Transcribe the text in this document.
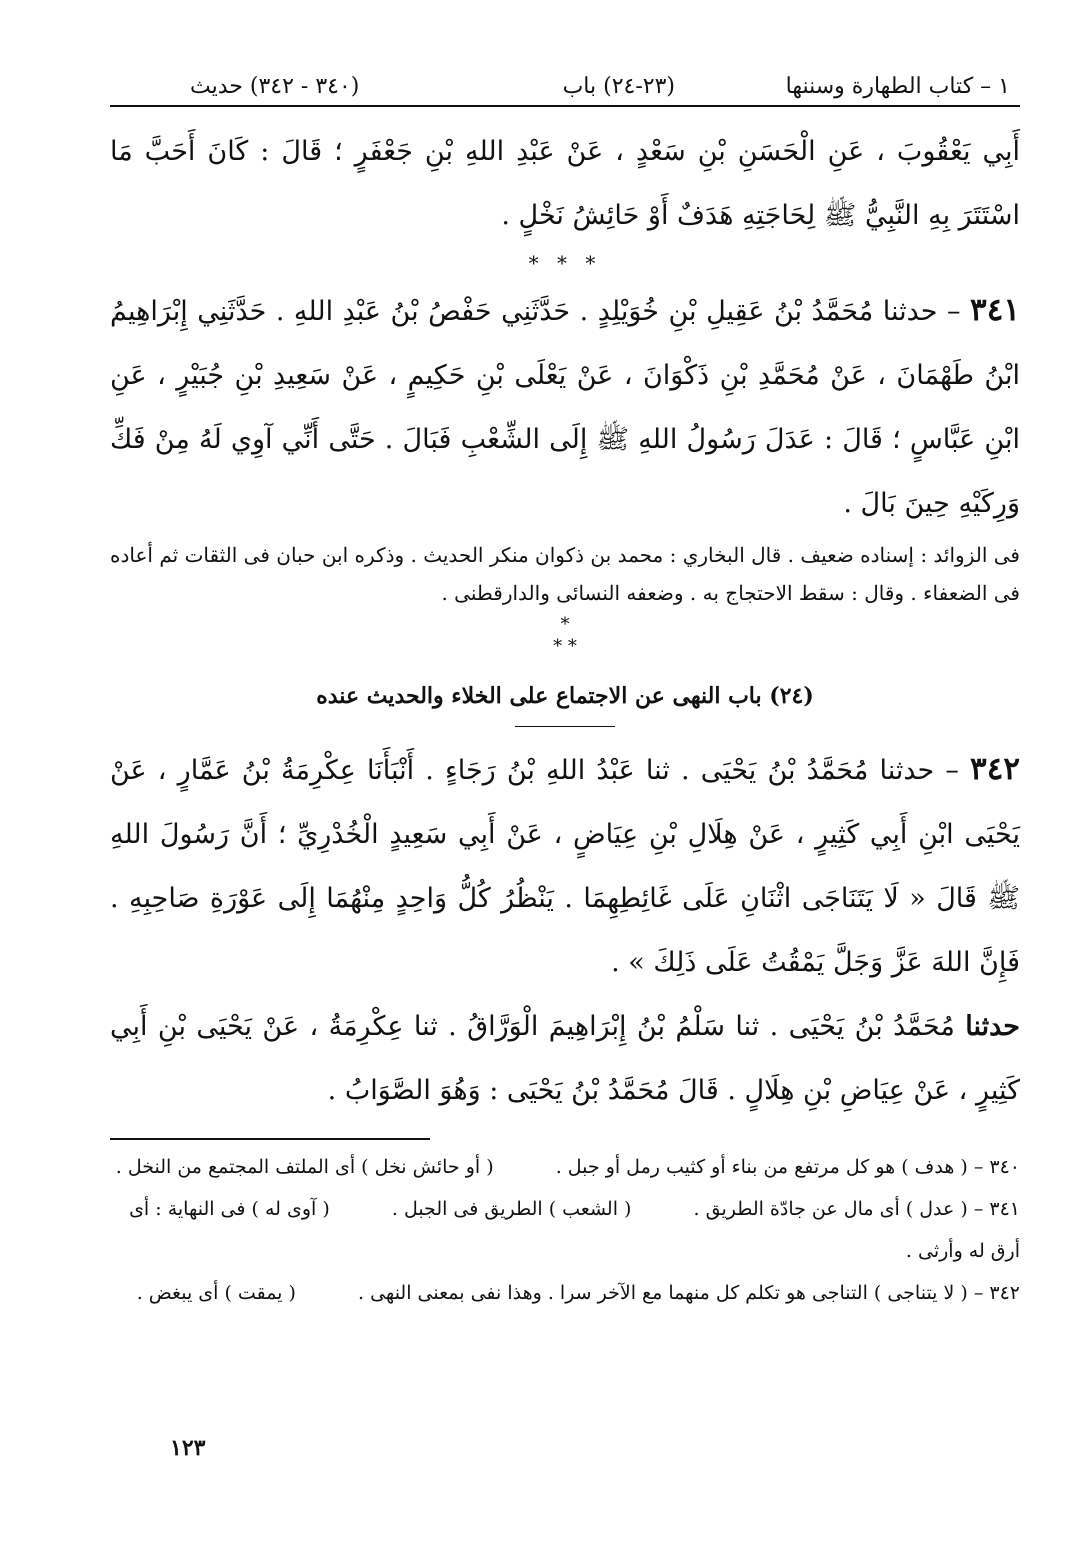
١ – كتاب الطهارة وسننها
(٢٣-٢٤) باب
(٣٤٠ - ٣٤٢) حديث

أَبِي يَعْقُوبَ ، عَنِ الْحَسَنِ بْنِ سَعْدٍ ، عَنْ عَبْدِ اللهِ بْنِ جَعْفَرٍ ؛ قَالَ : كَانَ أَحَبَّ مَا اسْتَتَرَ بِهِ النَّبِيُّ ﷺ لِحَاجَتِهِ هَدَفٌ أَوْ حَائِشُ نَخْلٍ .

* * *

٣٤١ – حدثنا مُحَمَّدُ بْنُ عَقِيلِ بْنِ خُوَيْلِدٍ . حَدَّثَنِي حَفْصُ بْنُ عَبْدِ اللهِ . حَدَّثَنِي إِبْرَاهِيمُ ابْنُ طَهْمَانَ ، عَنْ مُحَمَّدِ بْنِ ذَكْوَانَ ، عَنْ يَعْلَى بْنِ حَكِيمٍ ، عَنْ سَعِيدِ بْنِ جُبَيْرٍ ، عَنِ ابْنِ عَبَّاسٍ ؛ قَالَ : عَدَلَ رَسُولُ اللهِ ﷺ إِلَى الشِّعْبِ فَبَالَ . حَتَّى أَنِّي آوِي لَهُ مِنْ فَكِّ وَرِكَيْهِ حِينَ بَالَ .

فى الزوائد : إسناده ضعيف . قال البخاري : محمد بن ذكوان منكر الحديث . وذكره ابن حبان فى الثقات ثم أعاده فى الضعفاء . وقال : سقط الاحتجاج به . وضعفه النسائى والدارقطنى .

*

* *

(٢٤) باب النهى عن الاجتماع على الخلاء والحديث عنده

٣٤٢ – حدثنا مُحَمَّدُ بْنُ يَحْيَى . ثنا عَبْدُ اللهِ بْنُ رَجَاءٍ . أَنْبَأَنَا عِكْرِمَةُ بْنُ عَمَّارٍ ، عَنْ يَحْيَى ابْنِ أَبِي كَثِيرٍ ، عَنْ هِلَالِ بْنِ عِيَاضٍ ، عَنْ أَبِي سَعِيدٍ الْخُدْرِيِّ ؛ أَنَّ رَسُولَ اللهِ ﷺ قَالَ « لَا يَتَنَاجَى اثْنَانِ عَلَى غَائِطِهِمَا . يَنْظُرُ كُلُّ وَاحِدٍ مِنْهُمَا إِلَى عَوْرَةِ صَاحِبِهِ . فَإِنَّ اللهَ عَزَّ وَجَلَّ يَمْقُتُ عَلَى ذَلِكَ » .

حدثنا مُحَمَّدُ بْنُ يَحْيَى . ثنا سَلْمُ بْنُ إِبْرَاهِيمَ الْوَرَّاقُ . ثنا عِكْرِمَةُ ، عَنْ يَحْيَى بْنِ أَبِي كَثِيرٍ ، عَنْ عِيَاضِ بْنِ هِلَالٍ . قَالَ مُحَمَّدُ بْنُ يَحْيَى : وَهُوَ الصَّوَابُ .

٣٤٠ – ( هدف ) هو كل مرتفع من بناء أو كثيب رمل أو جبل .  ( أو حائش نخل ) أى الملتف المجتمع من النخل .

٣٤١ – ( عدل ) أى مال عن جادّة الطريق .  ( الشعب ) الطريق فى الجبل .  ( آوى له ) فى النهاية : أى أرق له وأرثى .

٣٤٢ – ( لا يتناجى ) التناجى هو تكلم كل منهما مع الآخر سرا . وهذا نفى بمعنى النهى .  ( يمقت ) أى يبغض .

١٢٣
